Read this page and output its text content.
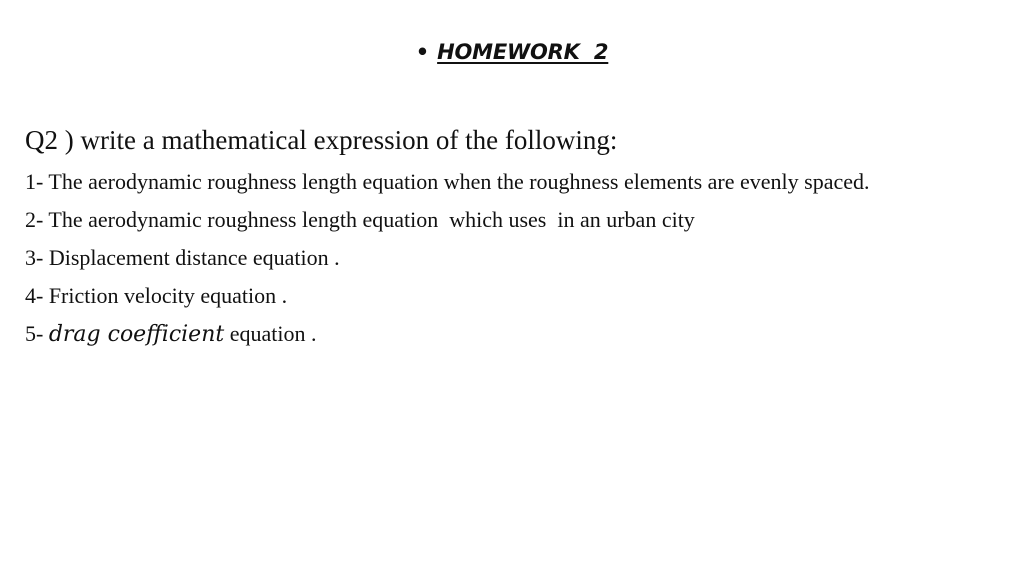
• HOMEWORK  2
Q2 ) write a mathematical expression of the following:
1- The aerodynamic roughness length equation when the roughness elements are evenly spaced.
2- The aerodynamic roughness length equation  which uses  in an urban city
3- Displacement distance equation .
4- Friction velocity equation .
5- drag coefficient equation .
